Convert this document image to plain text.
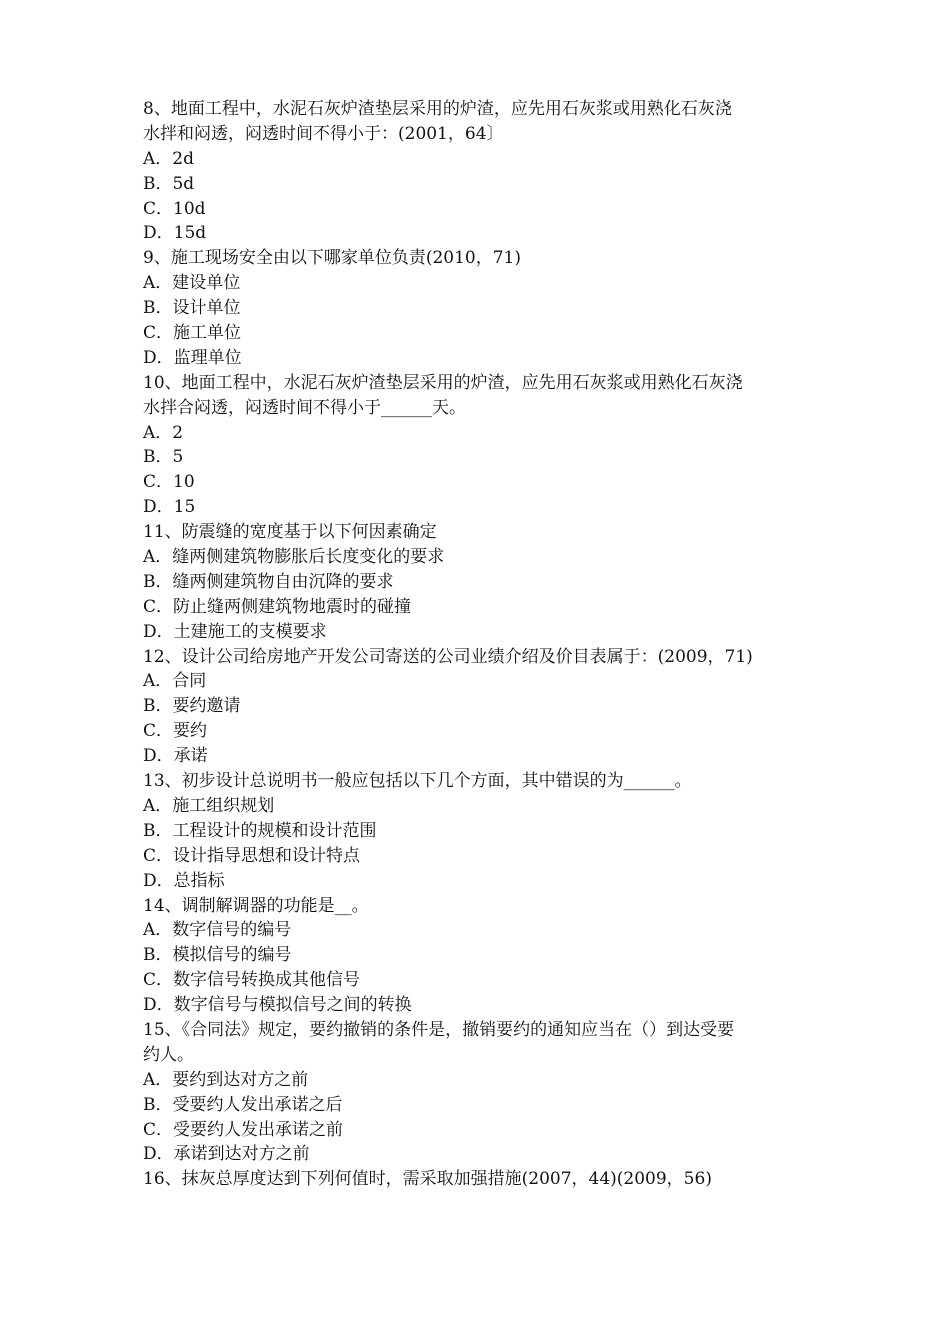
8、地面工程中，水泥石灰炉渣垫层采用的炉渣，应先用石灰浆或用熟化石灰浇
水拌和闷透，闷透时间不得小于：(2001，64〕
A．2d
B．5d
C．10d
D．15d
9、施工现场安全由以下哪家单位负责(2010，71)
A．建设单位
B．设计单位
C．施工单位
D．监理单位
10、地面工程中，水泥石灰炉渣垫层采用的炉渣，应先用石灰浆或用熟化石灰浇
水拌合闷透，闷透时间不得小于______天。
A．2
B．5
C．10
D．15
11、防震缝的宽度基于以下何因素确定
A．缝两侧建筑物膨胀后长度变化的要求
B．缝两侧建筑物自由沉降的要求
C．防止缝两侧建筑物地震时的碰撞
D．土建施工的支模要求
12、设计公司给房地产开发公司寄送的公司业绩介绍及价目表属于：(2009，71)
A．合同
B．要约邀请
C．要约
D．承诺
13、初步设计总说明书一般应包括以下几个方面，其中错误的为______。
A．施工组织规划
B．工程设计的规模和设计范围
C．设计指导思想和设计特点
D．总指标
14、调制解调器的功能是__。
A．数字信号的编号
B．模拟信号的编号
C．数字信号转换成其他信号
D．数字信号与模拟信号之间的转换
15、《合同法》规定，要约撤销的条件是，撤销要约的通知应当在（）到达受要
约人。
A．要约到达对方之前
B．受要约人发出承诺之后
C．受要约人发出承诺之前
D．承诺到达对方之前
16、抹灰总厚度达到下列何值时，需采取加强措施(2007，44)(2009，56)
